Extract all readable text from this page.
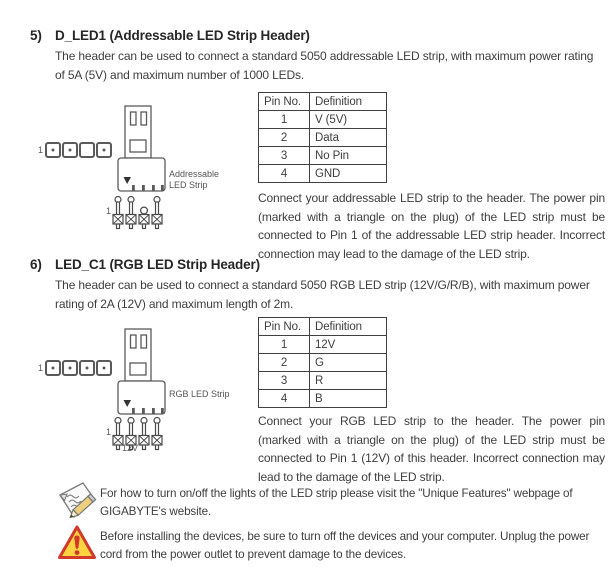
5) D_LED1 (Addressable LED Strip Header)
The header can be used to connect a standard 5050 addressable LED strip, with maximum power rating of 5A (5V) and maximum number of 1000 LEDs.
1
Addressable LED Strip
1
Pin No.	Definition
1	V (5V)
2	Data
3	No Pin
4	GND
Connect your addressable LED strip to the header. The power pin (marked with a triangle on the plug) of the LED strip must be connected to Pin 1 of the addressable LED strip header. Incorrect connection may lead to the damage of the LED strip.
6) LED_C1 (RGB LED Strip Header)
The header can be used to connect a standard 5050 RGB LED strip (12V/G/R/B), with maximum power rating of 2A (12V) and maximum length of 2m.
1
RGB LED Strip
1
12V
Pin No.	Definition
1	12V
2	G
3	R
4	B
Connect your RGB LED strip to the header. The power pin (marked with a triangle on the plug) of the LED strip must be connected to Pin 1 (12V) of this header. Incorrect connection may lead to the damage of the LED strip.
For how to turn on/off the lights of the LED strip please visit the "Unique Features" webpage of GIGABYTE's website.
Before installing the devices, be sure to turn off the devices and your computer. Unplug the power cord from the power outlet to prevent damage to the devices.
